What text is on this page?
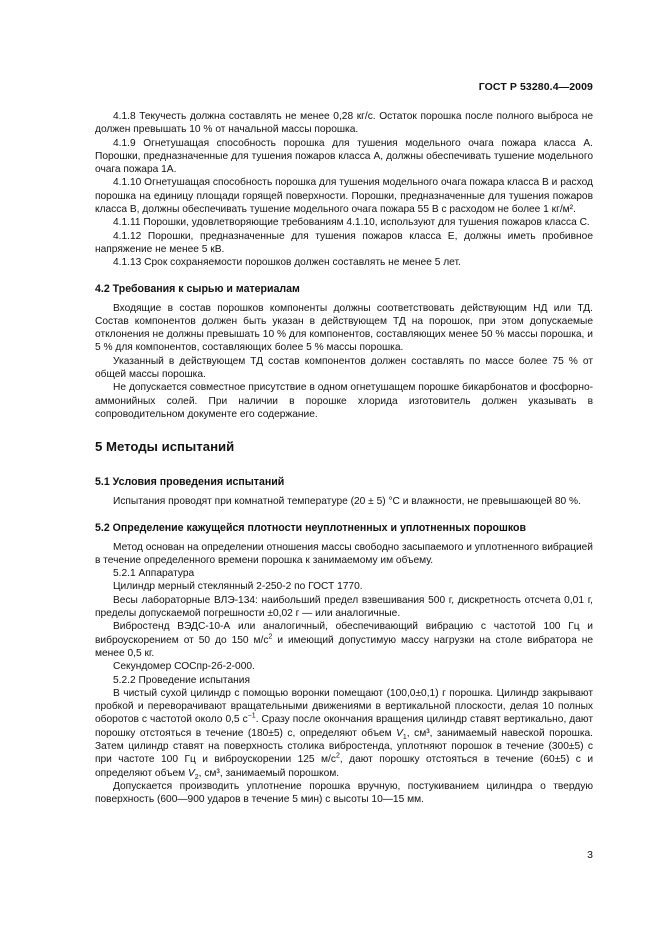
ГОСТ Р 53280.4—2009

4.1.8 Текучесть должна составлять не менее 0,28 кг/с. Остаток порошка после полного выброса не должен превышать 10 % от начальной массы порошка.

4.1.9 Огнетушащая способность порошка для тушения модельного очага пожара класса А. Порошки, предназначенные для тушения пожаров класса А, должны обеспечивать тушение модельного очага пожара 1А.

4.1.10 Огнетушащая способность порошка для тушения модельного очага пожара класса В и расход порошка на единицу площади горящей поверхности. Порошки, предназначенные для тушения пожаров класса В, должны обеспечивать тушение модельного очага пожара 55 В с расходом не более 1 кг/м².

4.1.11 Порошки, удовлетворяющие требованиям 4.1.10, используют для тушения пожаров класса С.

4.1.12 Порошки, предназначенные для тушения пожаров класса Е, должны иметь пробивное напряжение не менее 5 кВ.

4.1.13 Срок сохраняемости порошков должен составлять не менее 5 лет.

4.2 Требования к сырью и материалам

Входящие в состав порошков компоненты должны соответствовать действующим НД или ТД. Состав компонентов должен быть указан в действующем ТД на порошок, при этом допускаемые отклонения не должны превышать 10 % для компонентов, составляющих менее 50 % массы порошка, и 5 % для компонентов, составляющих более 5 % массы порошка.

Указанный в действующем ТД состав компонентов должен составлять по массе более 75 % от общей массы порошка.

Не допускается совместное присутствие в одном огнетушащем порошке бикарбонатов и фосфорно-аммонийных солей. При наличии в порошке хлорида изготовитель должен указывать в сопроводительном документе его содержание.

5 Методы испытаний
5.1 Условия проведения испытаний

Испытания проводят при комнатной температуре (20 ± 5) °С и влажности, не превышающей 80 %.

5.2 Определение кажущейся плотности неуплотненных и уплотненных порошков

Метод основан на определении отношения массы свободно засыпаемого и уплотненного вибрацией в течение определенного времени порошка к занимаемому им объему.

5.2.1 Аппаратура

Цилиндр мерный стеклянный 2-250-2 по ГОСТ 1770.

Весы лабораторные ВЛЭ-134: наибольший предел взвешивания 500 г, дискретность отсчета 0,01 г, пределы допускаемой погрешности ±0,02 г — или аналогичные.

Вибростенд ВЭДС-10-А или аналогичный, обеспечивающий вибрацию с частотой 100 Гц и виброускорением от 50 до 150 $м/с^2$ и имеющий допустимую массу нагрузки на столе вибратора не менее 0,5 кг.

Секундомер СОСпр-2б-2-000.

5.2.2 Проведение испытания

В чистый сухой цилиндр с помощью воронки помещают (100,0±0,1) г порошка. Цилиндр закрывают пробкой и переворачивают вращательными движениями в вертикальной плоскости, делая 10 полных оборотов с частотой около 0,5 $с^{-1}$. Сразу после окончания вращения цилиндр ставят вертикально, дают порошку отстояться в течение (180±5) с, определяют объем $V_1$, см³, занимаемый навеской порошка. Затем цилиндр ставят на поверхность столика вибростенда, уплотняют порошок в течение (300±5) с при частоте 100 Гц и виброускорении 125 $м/с^2$, дают порошку отстояться в течение (60±5) с и определяют объем $V_2$, см³, занимаемый порошком.

Допускается производить уплотнение порошка вручную, постукиванием цилиндра о твердую поверхность (600—900 ударов в течение 5 мин) с высоты 10—15 мм.

3
